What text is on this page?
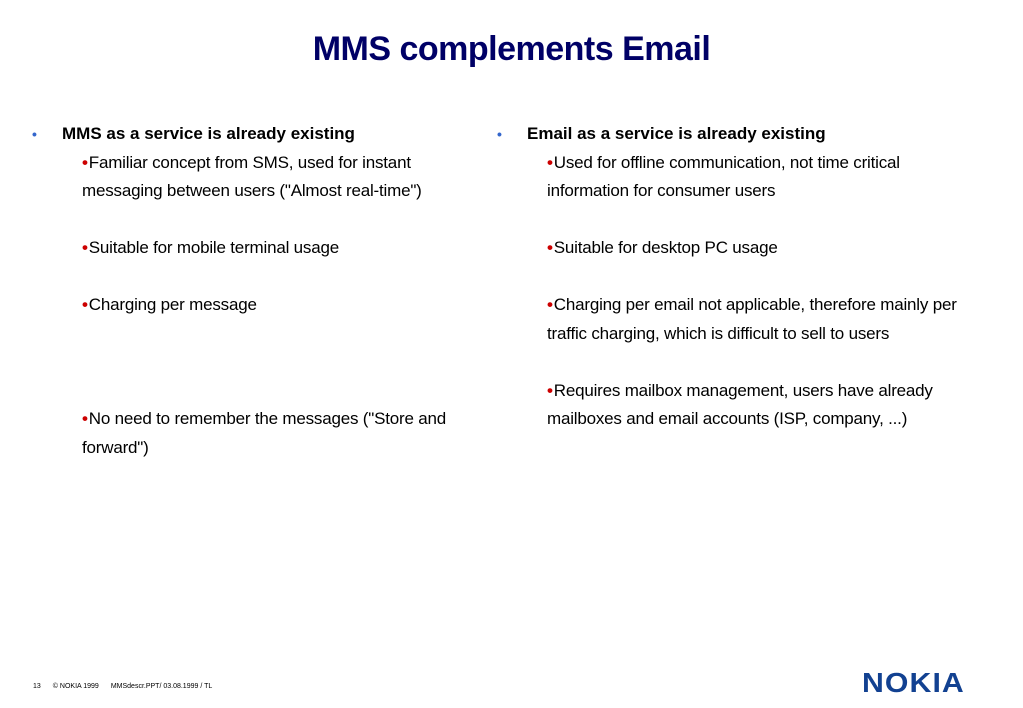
MMS complements Email
• MMS as a service is already existing
•Familiar concept from SMS, used for instant messaging between users ("Almost real-time")
•Suitable for mobile terminal usage
•Charging per message
•No need to remember the messages ("Store and forward")
• Email as a service is already existing
•Used for offline communication, not time critical information for consumer users
•Suitable for desktop PC usage
•Charging per email not applicable, therefore mainly per traffic charging, which is difficult to sell to users
•Requires mailbox management, users have already mailboxes and email accounts (ISP, company, ...)
13 © NOKIA 1999 MMSdescr.PPT/ 03.08.1999 / TL	NOKIA
